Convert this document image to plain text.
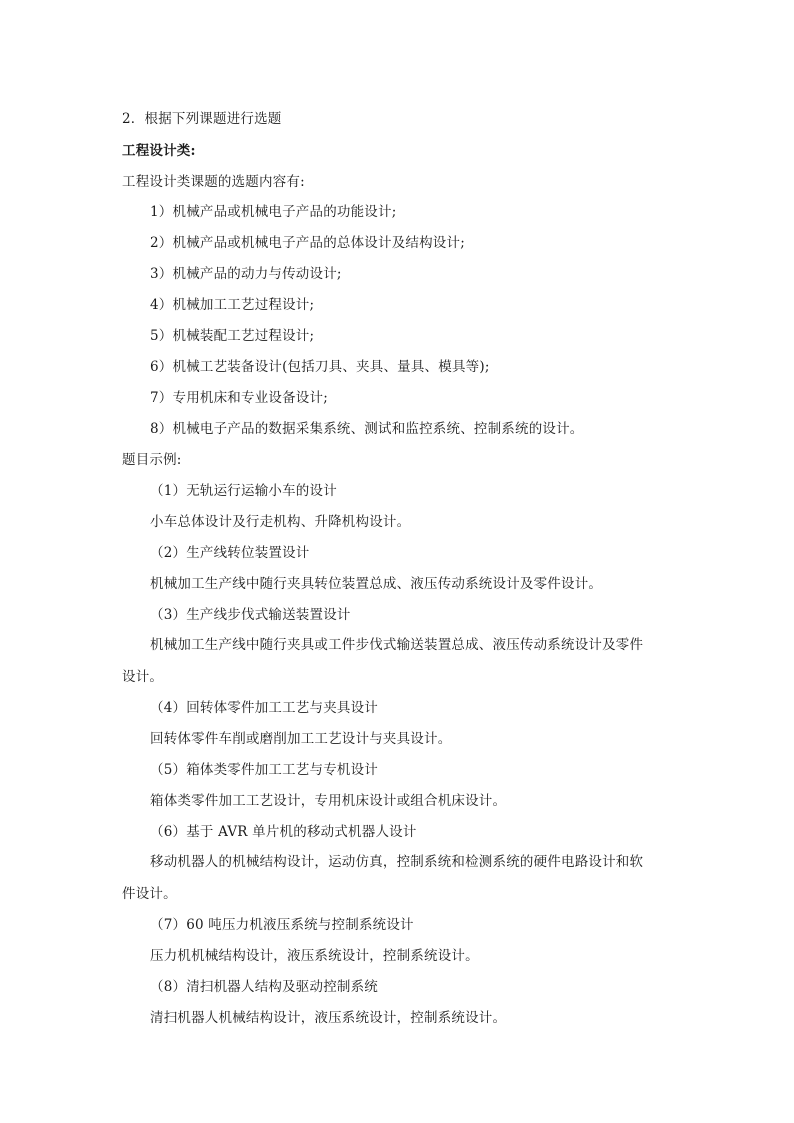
2．根据下列课题进行选题
工程设计类:
工程设计类课题的选题内容有:
1）机械产品或机械电子产品的功能设计;
2）机械产品或机械电子产品的总体设计及结构设计;
3）机械产品的动力与传动设计;
4）机械加工工艺过程设计;
5）机械装配工艺过程设计;
6）机械工艺装备设计(包括刀具、夹具、量具、模具等);
7）专用机床和专业设备设计;
8）机械电子产品的数据采集系统、测试和监控系统、控制系统的设计。
题目示例:
（1）无轨运行运输小车的设计
小车总体设计及行走机构、升降机构设计。
（2）生产线转位装置设计
机械加工生产线中随行夹具转位装置总成、液压传动系统设计及零件设计。
（3）生产线步伐式输送装置设计
机械加工生产线中随行夹具或工件步伐式输送装置总成、液压传动系统设计及零件设计。
（4）回转体零件加工工艺与夹具设计
回转体零件车削或磨削加工工艺设计与夹具设计。
（5）箱体类零件加工工艺与专机设计
箱体类零件加工工艺设计，专用机床设计或组合机床设计。
（6）基于 AVR 单片机的移动式机器人设计
移动机器人的机械结构设计，运动仿真，控制系统和检测系统的硬件电路设计和软件设计。
（7）60 吨压力机液压系统与控制系统设计
压力机机械结构设计，液压系统设计，控制系统设计。
（8）清扫机器人结构及驱动控制系统
清扫机器人机械结构设计，液压系统设计，控制系统设计。
